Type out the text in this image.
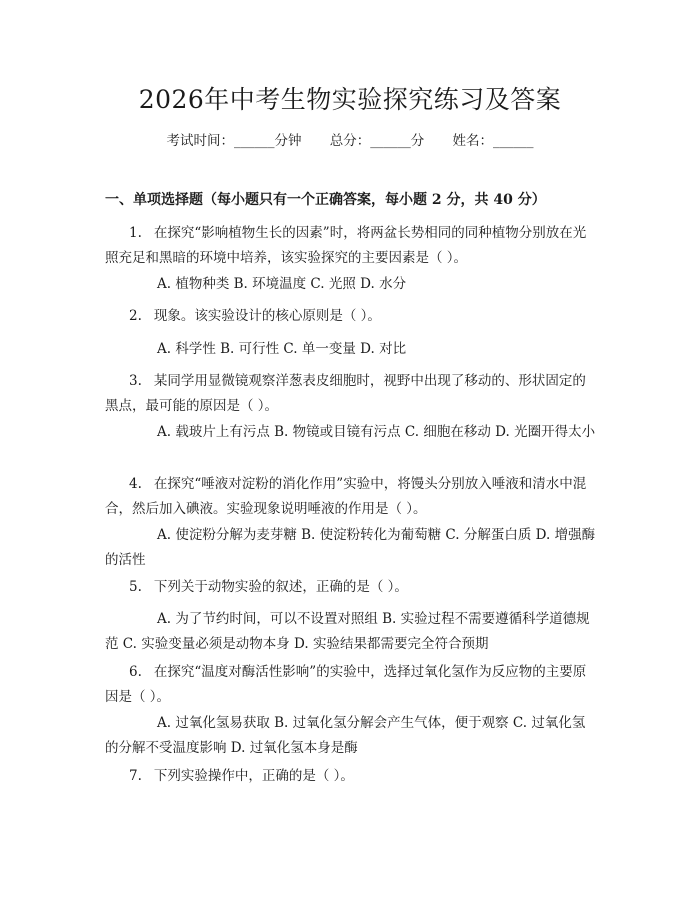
2026年中考生物实验探究练习及答案
考试时间：______分钟 总分：______分 姓名：______
一、单项选择题（每小题只有一个正确答案，每小题 2 分，共 40 分）

1. 在探究“影响植物生长的因素”时，将两盆长势相同的同种植物分别放在光照充足和黑暗的环境中培养，该实验探究的主要因素是（ ）。

A. 植物种类 B. 环境温度 C. 光照 D. 水分

2. 现象。该实验设计的核心原则是（ ）。

A. 科学性 B. 可行性 C. 单一变量 D. 对比

3. 某同学用显微镜观察洋葱表皮细胞时，视野中出现了移动的、形状固定的黑点，最可能的原因是（ ）。

A. 载玻片上有污点 B. 物镜或目镜有污点 C. 细胞在移动 D. 光圈开得太小

4. 在探究“唾液对淀粉的消化作用”实验中，将馒头分别放入唾液和清水中混合，然后加入碘液。实验现象说明唾液的作用是（ ）。

A. 使淀粉分解为麦芽糖 B. 使淀粉转化为葡萄糖 C. 分解蛋白质 D. 增强酶的活性

5. 下列关于动物实验的叙述，正确的是（ ）。

A. 为了节约时间，可以不设置对照组 B. 实验过程不需要遵循科学道德规范 C. 实验变量必须是动物本身 D. 实验结果都需要完全符合预期

6. 在探究“温度对酶活性影响”的实验中，选择过氧化氢作为反应物的主要原因是（ ）。

A. 过氧化氢易获取 B. 过氧化氢分解会产生气体，便于观察 C. 过氧化氢的分解不受温度影响 D. 过氧化氢本身是酶

7. 下列实验操作中，正确的是（ ）。
